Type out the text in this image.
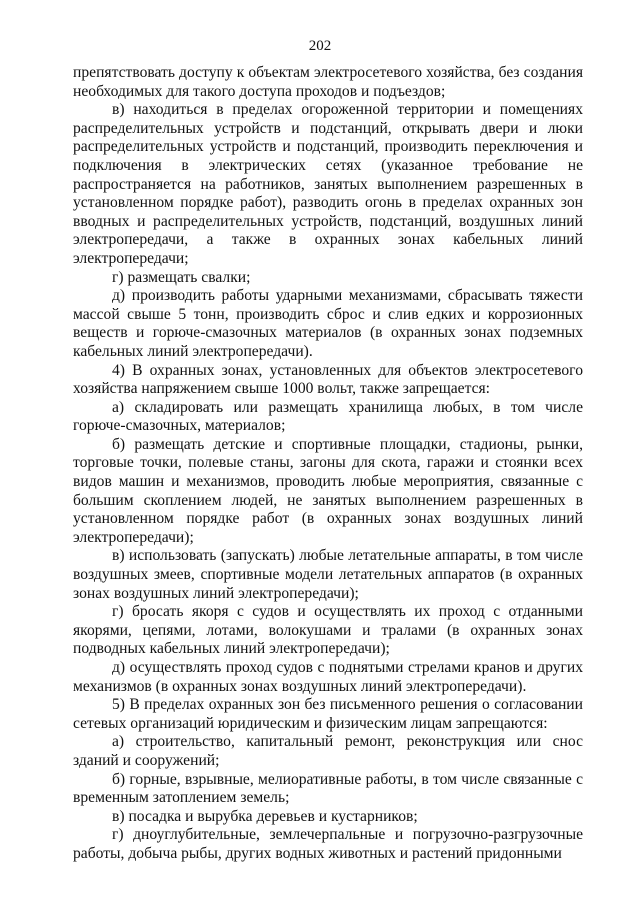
202

препятствовать доступу к объектам электросетевого хозяйства, без создания необходимых для такого доступа проходов и подъездов;

в) находиться в пределах огороженной территории и помещениях распределительных устройств и подстанций, открывать двери и люки распределительных устройств и подстанций, производить переключения и подключения в электрических сетях (указанное требование не распространяется на работников, занятых выполнением разрешенных в установленном порядке работ), разводить огонь в пределах охранных зон вводных и распределительных устройств, подстанций, воздушных линий электропередачи, а также в охранных зонах кабельных линий электропередачи;

г) размещать свалки;

д) производить работы ударными механизмами, сбрасывать тяжести массой свыше 5 тонн, производить сброс и слив едких и коррозионных веществ и горюче-смазочных материалов (в охранных зонах подземных кабельных линий электропередачи).

4) В охранных зонах, установленных для объектов электросетевого хозяйства напряжением свыше 1000 вольт, также запрещается:

а) складировать или размещать хранилища любых, в том числе горюче-смазочных, материалов;

б) размещать детские и спортивные площадки, стадионы, рынки, торговые точки, полевые станы, загоны для скота, гаражи и стоянки всех видов машин и механизмов, проводить любые мероприятия, связанные с большим скоплением людей, не занятых выполнением разрешенных в установленном порядке работ (в охранных зонах воздушных линий электропередачи);

в) использовать (запускать) любые летательные аппараты, в том числе воздушных змеев, спортивные модели летательных аппаратов (в охранных зонах воздушных линий электропередачи);

г) бросать якоря с судов и осуществлять их проход с отданными якорями, цепями, лотами, волокушами и тралами (в охранных зонах подводных кабельных линий электропередачи);

д) осуществлять проход судов с поднятыми стрелами кранов и других механизмов (в охранных зонах воздушных линий электропередачи).

5) В пределах охранных зон без письменного решения о согласовании сетевых организаций юридическим и физическим лицам запрещаются:

а) строительство, капитальный ремонт, реконструкция или снос зданий и сооружений;

б) горные, взрывные, мелиоративные работы, в том числе связанные с временным затоплением земель;

в) посадка и вырубка деревьев и кустарников;

г) дноуглубительные, землечерпальные и погрузочно-разгрузочные работы, добыча рыбы, других водных животных и растений придонными
